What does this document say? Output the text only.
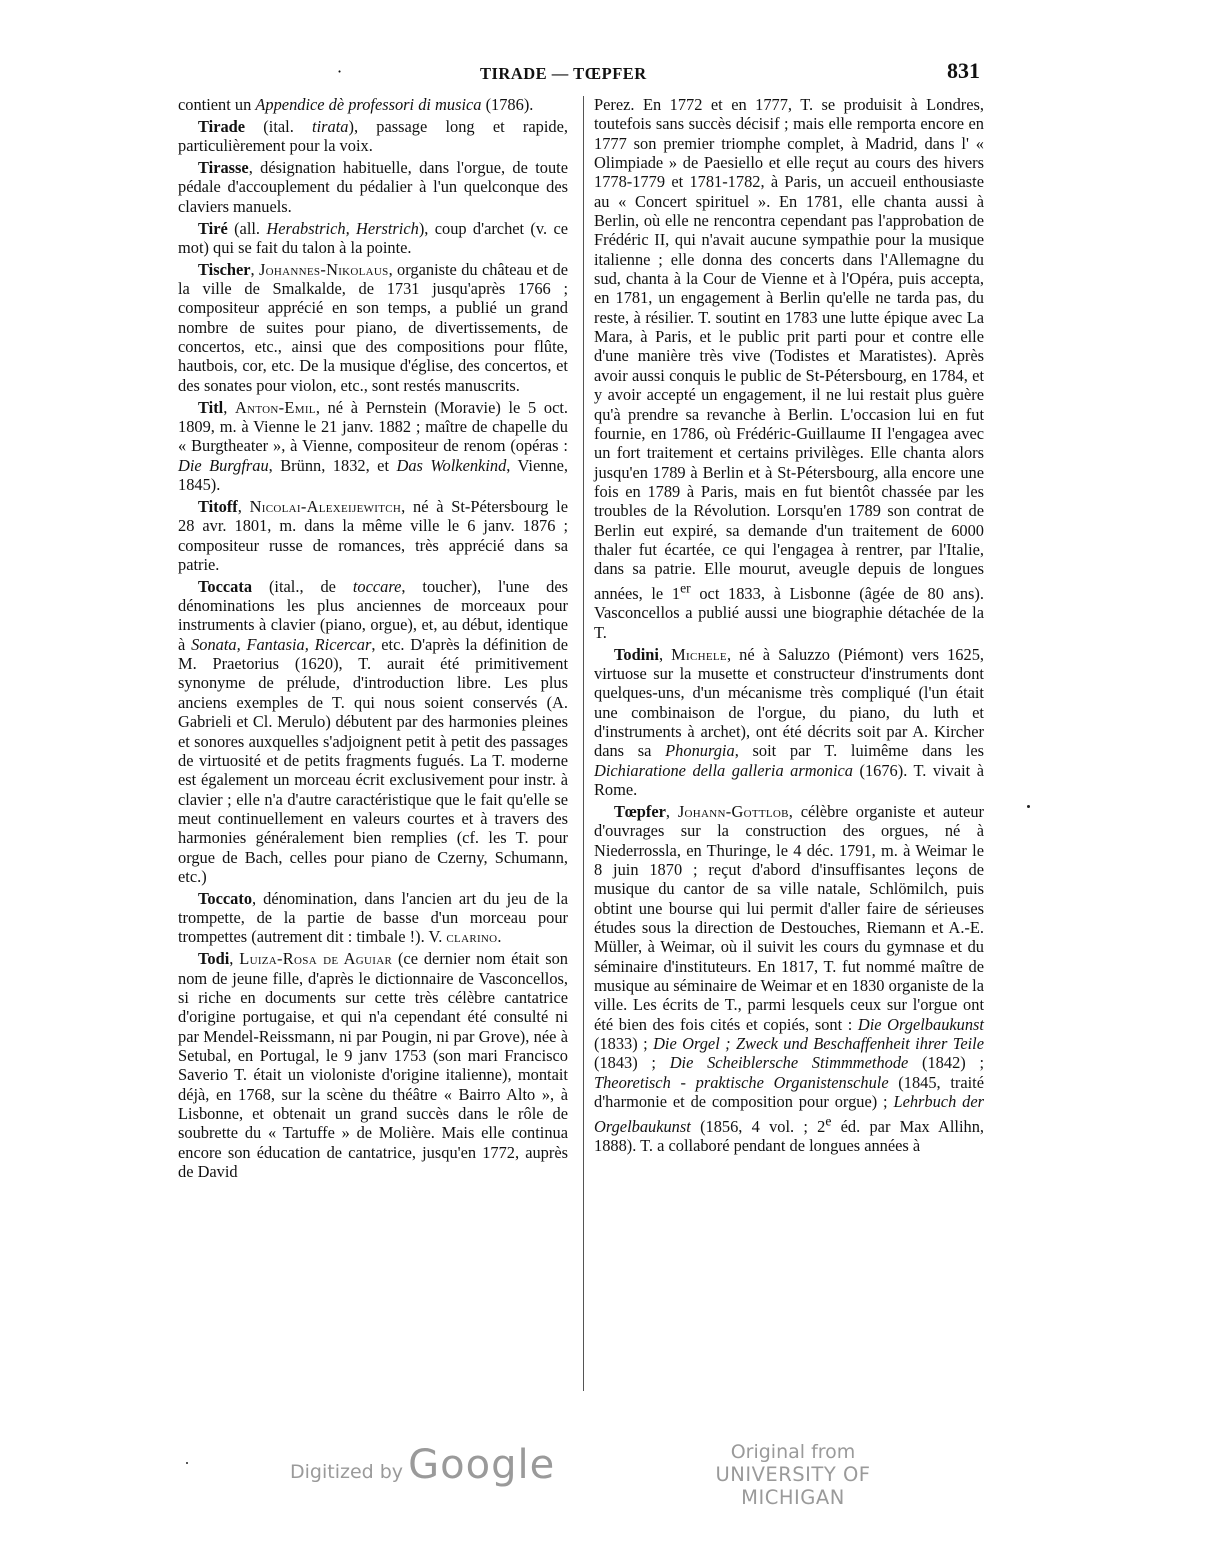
·	TIRADE — TŒPFER	831

contient un Appendice dè professori di musica (1786).

Tirade (ital. tirata), passage long et rapide, particulièrement pour la voix.

Tirasse, désignation habituelle, dans l'orgue, de toute pédale d'accouplement du pédalier à l'un quelconque des claviers manuels.

Tiré (all. Herabstrich, Herstrich), coup d'archet (v. ce mot) qui se fait du talon à la pointe.

Tischer, Johannes-Nikolaus, organiste du château et de la ville de Smalkalde, de 1731 jusqu'après 1766 ; compositeur apprécié en son temps, a publié un grand nombre de suites pour piano, de divertissements, de concertos, etc., ainsi que des compositions pour flûte, hautbois, cor, etc. De la musique d'église, des concertos, et des sonates pour violon, etc., sont restés manuscrits.

Titl, Anton-Emil, né à Pernstein (Moravie) le 5 oct. 1809, m. à Vienne le 21 janv. 1882 ; maître de chapelle du « Burgtheater », à Vienne, compositeur de renom (opéras : Die Burgfrau, Brünn, 1832, et Das Wolkenkind, Vienne, 1845).

Titoff, Nicolai-Alexeijewitch, né à St-Pétersbourg le 28 avr. 1801, m. dans la même ville le 6 janv. 1876 ; compositeur russe de romances, très apprécié dans sa patrie.

Toccata (ital., de toccare, toucher), l'une des dénominations les plus anciennes de morceaux pour instruments à clavier (piano, orgue), et, au début, identique à Sonata, Fantasia, Ricercar, etc. D'après la définition de M. Praetorius (1620), T. aurait été primitivement synonyme de prélude, d'introduction libre. Les plus anciens exemples de T. qui nous soient conservés (A. Gabrieli et Cl. Merulo) débutent par des harmonies pleines et sonores auxquelles s'adjoignent petit à petit des passages de virtuosité et de petits fragments fugués. La T. moderne est également un morceau écrit exclusivement pour instr. à clavier ; elle n'a d'autre caractéristique que le fait qu'elle se meut continuellement en valeurs courtes et à travers des harmonies généralement bien remplies (cf. les T. pour orgue de Bach, celles pour piano de Czerny, Schumann, etc.)

Toccato, dénomination, dans l'ancien art du jeu de la trompette, de la partie de basse d'un morceau pour trompettes (autrement dit : timbale !). V. clarino.

Todi, Luiza-Rosa de Aguiar (ce dernier nom était son nom de jeune fille, d'après le dictionnaire de Vasconcellos, si riche en documents sur cette très célèbre cantatrice d'origine portugaise, et qui n'a cependant été consulté ni par Mendel-Reissmann, ni par Pougin, ni par Grove), née à Setubal, en Portugal, le 9 janv 1753 (son mari Francisco Saverio T. était un violoniste d'origine italienne), montait déjà, en 1768, sur la scène du théâtre « Bairro Alto », à Lisbonne, et obtenait un grand succès dans le rôle de soubrette du « Tartuffe » de Molière. Mais elle continua encore son éducation de cantatrice, jusqu'en 1772, auprès de David

Perez. En 1772 et en 1777, T. se produisit à Londres, toutefois sans succès décisif ; mais elle remporta encore en 1777 son premier triomphe complet, à Madrid, dans l' « Olimpiade » de Paesiello et elle reçut au cours des hivers 1778-1779 et 1781-1782, à Paris, un accueil enthousiaste au « Concert spirituel ». En 1781, elle chanta aussi à Berlin, où elle ne rencontra cependant pas l'approbation de Frédéric II, qui n'avait aucune sympathie pour la musique italienne ; elle donna des concerts dans l'Allemagne du sud, chanta à la Cour de Vienne et à l'Opéra, puis accepta, en 1781, un engagement à Berlin qu'elle ne tarda pas, du reste, à résilier. T. soutint en 1783 une lutte épique avec La Mara, à Paris, et le public prit parti pour et contre elle d'une manière très vive (Todistes et Maratistes). Après avoir aussi conquis le public de St-Pétersbourg, en 1784, et y avoir accepté un engagement, il ne lui restait plus guère qu'à prendre sa revanche à Berlin. L'occasion lui en fut fournie, en 1786, où Frédéric-Guillaume II l'engagea avec un fort traitement et certains privilèges. Elle chanta alors jusqu'en 1789 à Berlin et à St-Pétersbourg, alla encore une fois en 1789 à Paris, mais en fut bientôt chassée par les troubles de la Révolution. Lorsqu'en 1789 son contrat de Berlin eut expiré, sa demande d'un traitement de 6000 thaler fut écartée, ce qui l'engagea à rentrer, par l'Italie, dans sa patrie. Elle mourut, aveugle depuis de longues années, le 1er oct 1833, à Lisbonne (âgée de 80 ans). Vasconcellos a publié aussi une biographie détachée de la T.

Todini, Michele, né à Saluzzo (Piémont) vers 1625, virtuose sur la musette et constructeur d'instruments dont quelques-uns, d'un mécanisme très compliqué (l'un était une combinaison de l'orgue, du piano, du luth et d'instruments à archet), ont été décrits soit par A. Kircher dans sa Phonurgia, soit par T. luimême dans les Dichiaratione della galleria armonica (1676). T. vivait à Rome.

Tœpfer, Johann-Gottlob, célèbre organiste et auteur d'ouvrages sur la construction des orgues, né à Niederrossla, en Thuringe, le 4 déc. 1791, m. à Weimar le 8 juin 1870 ; reçut d'abord d'insuffisantes leçons de musique du cantor de sa ville natale, Schlömilch, puis obtint une bourse qui lui permit d'aller faire de sérieuses études sous la direction de Destouches, Riemann et A.-E. Müller, à Weimar, où il suivit les cours du gymnase et du séminaire d'instituteurs. En 1817, T. fut nommé maître de musique au séminaire de Weimar et en 1830 organiste de la ville. Les écrits de T., parmi lesquels ceux sur l'orgue ont été bien des fois cités et copiés, sont : Die Orgelbaukunst (1833) ; Die Orgel ; Zweck und Beschaffenheit ihrer Teile (1843) ; Die Scheiblersche Stimmmethode (1842) ; Theoretisch - praktische Organistenschule (1845, traité d'harmonie et de composition pour orgue) ; Lehrbuch der Orgelbaukunst (1856, 4 vol. ; 2e éd. par Max Allihn, 1888). T. a collaboré pendant de longues années à

Digitized by Google	Original from
UNIVERSITY OF MICHIGAN
